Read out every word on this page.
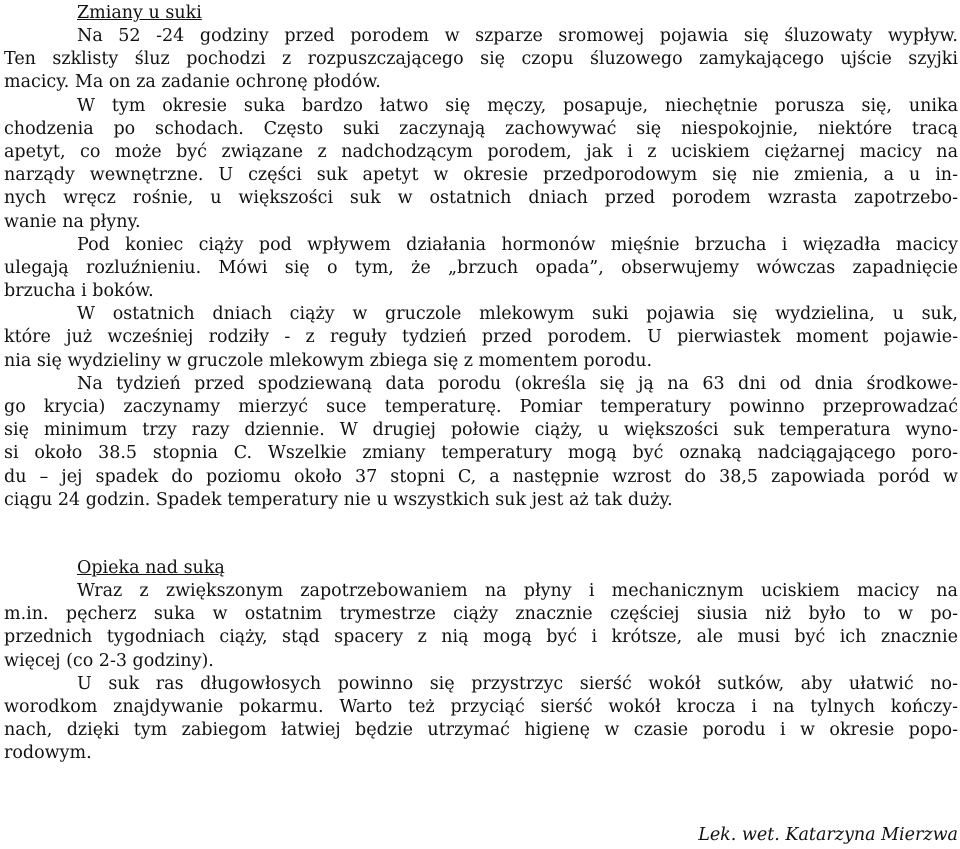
Zmiany u suki
Na 52 -24 godziny przed porodem w szparze sromowej pojawia się śluzowaty wypływ.
Ten szklisty śluz pochodzi z rozpuszczającego się czopu śluzowego zamykającego ujście szyjki
macicy. Ma on za zadanie ochronę płodów.
W tym okresie suka bardzo łatwo się męczy, posapuje, niechętnie porusza się, unika
chodzenia po schodach. Często suki zaczynają zachowywać się niespokojnie, niektóre tracą
apetyt, co może być związane z nadchodzącym porodem, jak i z uciskiem ciężarnej macicy na
narządy wewnętrzne. U części suk apetyt w okresie przedporodowym się nie zmienia, a u in-
nych wręcz rośnie, u większości suk w ostatnich dniach przed porodem wzrasta zapotrzebo-
wanie na płyny.
Pod koniec ciąży pod wpływem działania hormonów mięśnie brzucha i więzadła macicy
ulegają rozluźnieniu. Mówi się o tym, że „brzuch opada”, obserwujemy wówczas zapadnięcie
brzucha i boków.
W ostatnich dniach ciąży w gruczole mlekowym suki pojawia się wydzielina, u suk,
które już wcześniej rodziły - z reguły tydzień przed porodem. U pierwiastek moment pojawie-
nia się wydzieliny w gruczole mlekowym zbiega się z momentem porodu.
Na tydzień przed spodziewaną data porodu (określa się ją na 63 dni od dnia środkowe-
go krycia) zaczynamy mierzyć suce temperaturę. Pomiar temperatury powinno przeprowadzać
się minimum trzy razy dziennie. W drugiej połowie ciąży, u większości suk temperatura wyno-
si około 38.5 stopnia C. Wszelkie zmiany temperatury mogą być oznaką nadciągającego poro-
du – jej spadek do poziomu około 37 stopni C, a następnie wzrost do 38,5 zapowiada poród w
ciągu 24 godzin. Spadek temperatury nie u wszystkich suk jest aż tak duży.
Opieka nad suką
Wraz z zwiększonym zapotrzebowaniem na płyny i mechanicznym uciskiem macicy na
m.in. pęcherz suka w ostatnim trymestrze ciąży znacznie częściej siusia niż było to w po-
przednich tygodniach ciąży, stąd spacery z nią mogą być i krótsze, ale musi być ich znacznie
więcej (co 2-3 godziny).
U suk ras długowłosych powinno się przystrzyc sierść wokół sutków, aby ułatwić no-
worodkom znajdywanie pokarmu. Warto też przyciąć sierść wokół krocza i na tylnych kończy-
nach, dzięki tym zabiegom łatwiej będzie utrzymać higienę w czasie porodu i w okresie popo-
rodowym.
Lek. wet. Katarzyna Mierzwa
